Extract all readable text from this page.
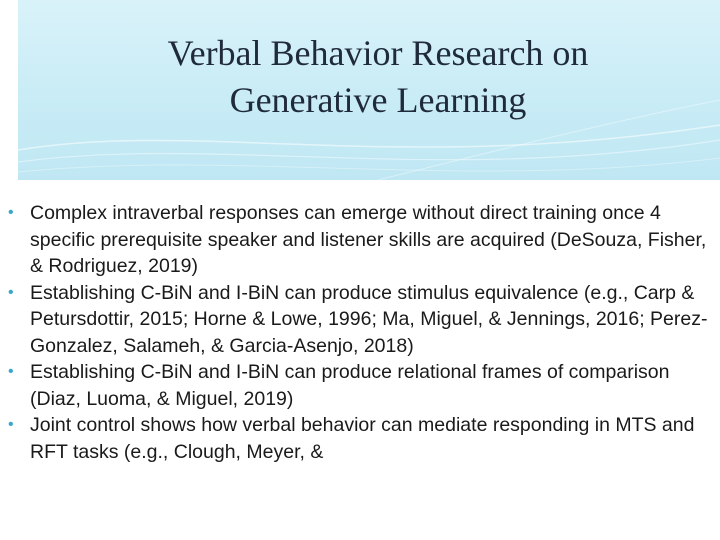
Verbal Behavior Research on
Generative Learning
• Complex intraverbal responses can emerge without direct training once 4 specific prerequisite speaker and listener skills are acquired (DeSouza, Fisher, & Rodriguez, 2019)
• Establishing C-BiN and I-BiN can produce stimulus equivalence (e.g., Carp & Petursdottir, 2015; Horne & Lowe, 1996; Ma, Miguel, & Jennings, 2016; Perez-Gonzalez, Salameh, & Garcia-Asenjo, 2018)
• Establishing C-BiN and I-BiN can produce relational frames of comparison (Diaz, Luoma, & Miguel, 2019)
• Joint control shows how verbal behavior can mediate responding in MTS and RFT tasks (e.g., Clough, Meyer, &
